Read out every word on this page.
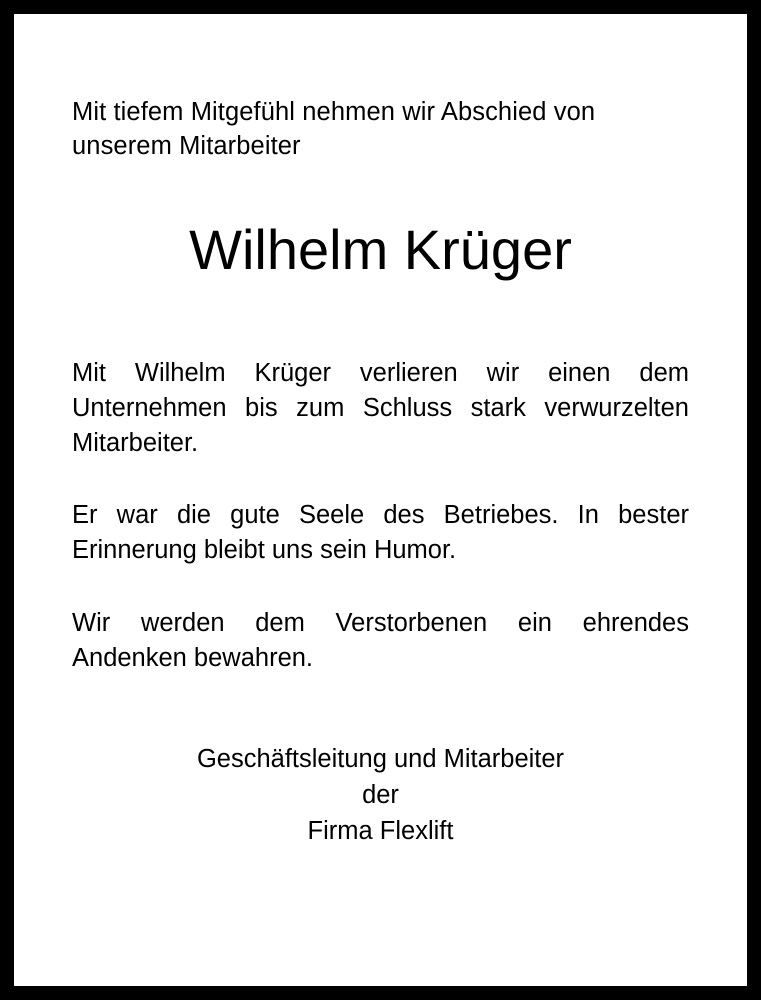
Mit tiefem Mitgefühl nehmen wir Abschied von unserem Mitarbeiter

Wilhelm Krüger

Mit Wilhelm Krüger verlieren wir einen dem Unternehmen bis zum Schluss stark verwurzelten Mitarbeiter.

Er war die gute Seele des Betriebes. In bester Erinnerung bleibt uns sein Humor.

Wir werden dem Verstorbenen ein ehrendes Andenken bewahren.

Geschäftsleitung und Mitarbeiter
der
Firma Flexlift
